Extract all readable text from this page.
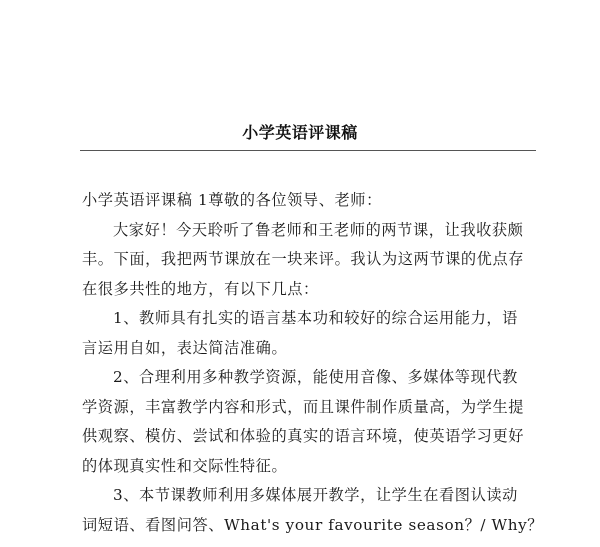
小学英语评课稿

小学英语评课稿 1尊敬的各位领导、老师：

大家好！今天聆听了鲁老师和王老师的两节课，让我收获颇

丰。下面，我把两节课放在一块来评。我认为这两节课的优点存

在很多共性的地方，有以下几点：

1、教师具有扎实的语言基本功和较好的综合运用能力，语

言运用自如，表达简洁准确。

2、合理利用多种教学资源，能使用音像、多媒体等现代教

学资源，丰富教学内容和形式，而且课件制作质量高，为学生提

供观察、模仿、尝试和体验的真实的语言环境，使英语学习更好

的体现真实性和交际性特征。

3、本节课教师利用多媒体展开教学，让学生在看图认读动

词短语、看图问答、What's your favourite season？/ Why？
